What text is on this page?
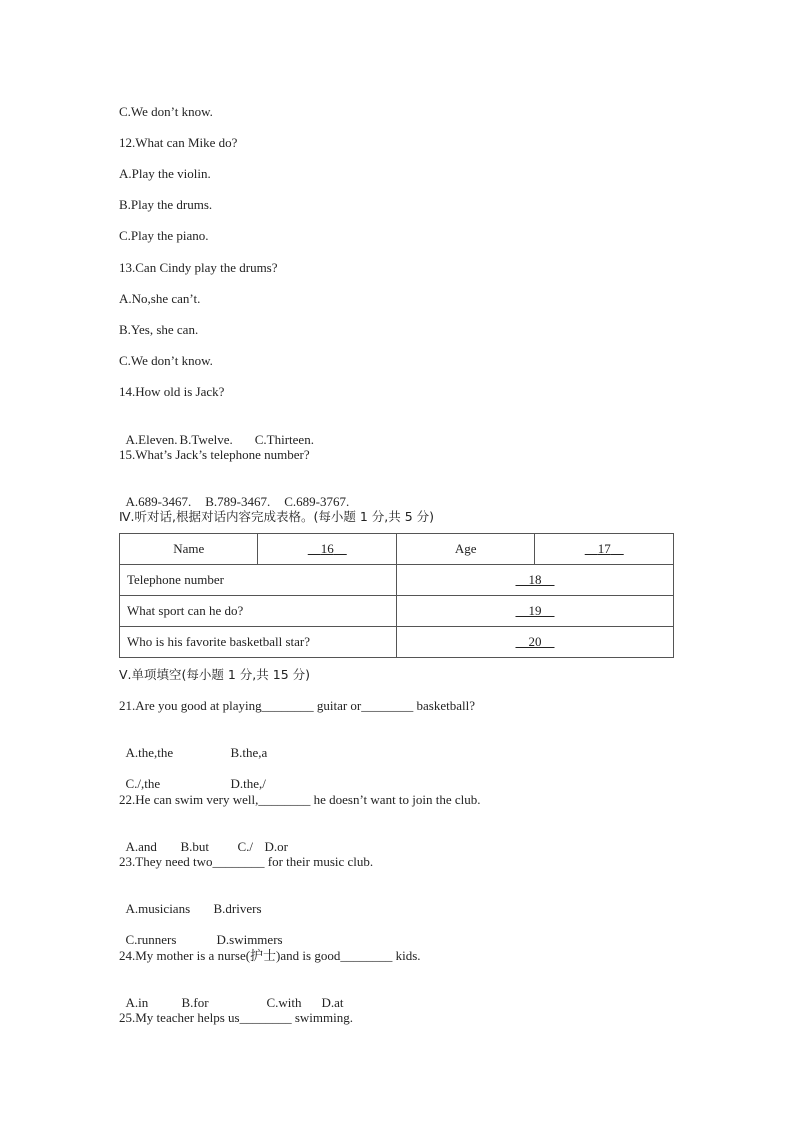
C.We don’t know.
12.What can Mike do?
A.Play the violin.
B.Play the drums.
C.Play the piano.
13.Can Cindy play the drums?
A.No,she can’t.
B.Yes, she can.
C.We don’t know.
14.How old is Jack?

A.Eleven. B.Twelve. C.Thirteen.

15.What’s Jack’s telephone number?

A.689-3467. B.789-3467. C.689-3767.

Ⅳ.听对话,根据对话内容完成表格。(每小题 1 分,共 5 分)
Name	16	Age	17
Telephone number		18	
What sport can he do?		19	
Who is his favorite basketball star?		20	
Ⅴ.单项填空(每小题 1 分,共 15 分)
21.Are you good at playing________ guitar or________ basketball?

A.the,the	B.the,a

C./,the	D.the,/

22.He can swim very well,________ he doesn’t want to join the club.

A.and B.but C./ D.or

23.They need two________ for their music club.

A.musicians B.drivers

C.runners	D.swimmers

24.My mother is a nurse(护士)and is good________ kids.

A.in	B.for	C.with D.at

25.My teacher helps us________ swimming.
